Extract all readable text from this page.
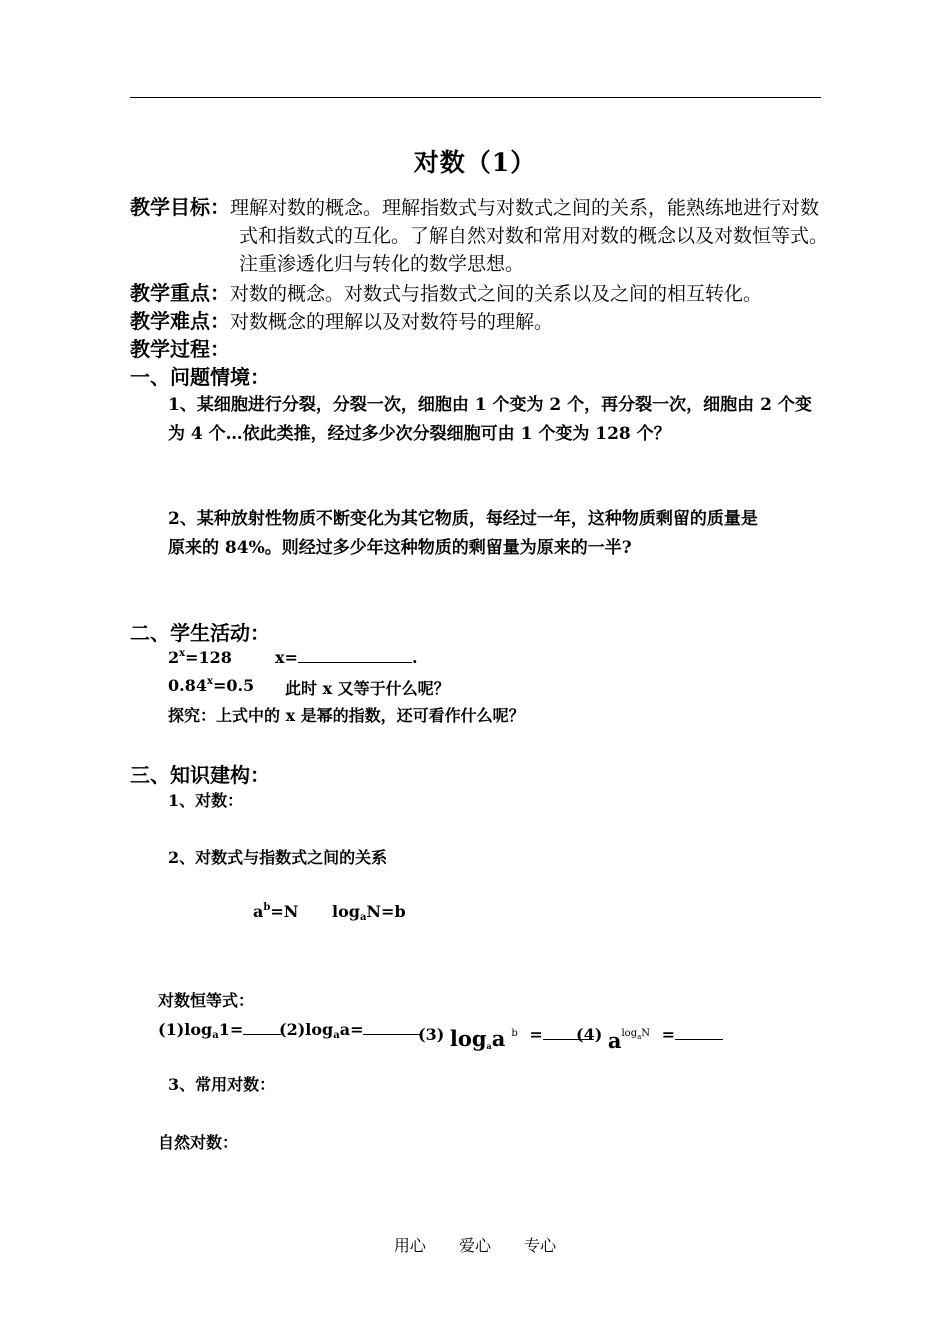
对数（1）
教学目标：理解对数的概念。理解指数式与对数式之间的关系，能熟练地进行对数
式和指数式的互化。了解自然对数和常用对数的概念以及对数恒等式。
注重渗透化归与转化的数学思想。
教学重点：对数的概念。对数式与指数式之间的关系以及之间的相互转化。
教学难点：对数概念的理解以及对数符号的理解。
教学过程：
一、问题情境：
1、某细胞进行分裂，分裂一次，细胞由 1 个变为 2 个，再分裂一次，细胞由 2 个变
为 4 个…依此类推，经过多少次分裂细胞可由 1 个变为 128 个？
2、某种放射性物质不断变化为其它物质，每经过一年，这种物质剩留的质量是
原来的 84%。则经过多少年这种物质的剩留量为原来的一半?
二、学生活动：
$2^x=128$	x=	.
$0.84^x=0.5$ 此时 x 又等于什么呢？
探究：上式中的 x 是幂的指数，还可看作什么呢？
三、知识建构：
1、对数：
2、对数式与指数式之间的关系
$a^b=N$ $\log_aN=b$
对数恒等式：
$(1)\log_a1=$	$(2)\log_aa=$	(3) $\log_aa$ $^b$ =	(4) $a^{log_aN}$ =
3、常用对数：
自然对数：
用心 爱心 专心
